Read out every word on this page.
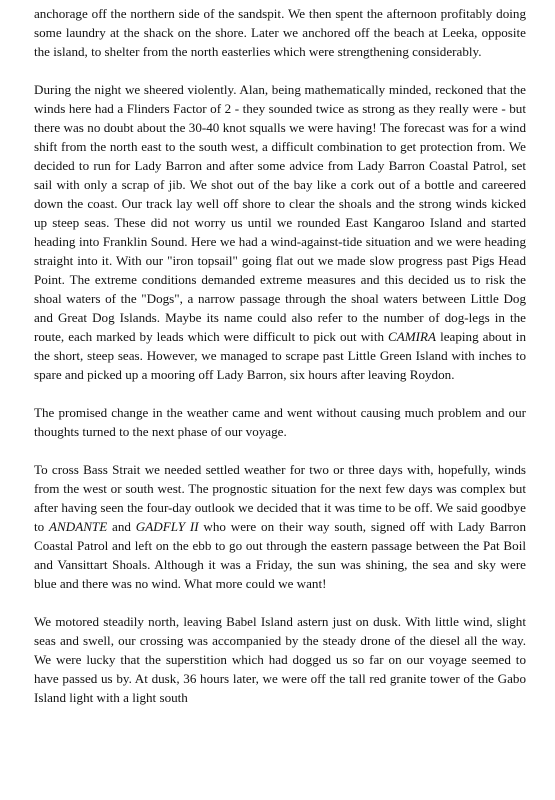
anchorage off the northern side of the sandspit. We then spent the afternoon profitably doing some laundry at the shack on the shore. Later we anchored off the beach at Leeka, opposite the island, to shelter from the north easterlies which were strengthening considerably.

During the night we sheered violently. Alan, being mathematically minded, reckoned that the winds here had a Flinders Factor of 2 - they sounded twice as strong as they really were - but there was no doubt about the 30-40 knot squalls we were having! The forecast was for a wind shift from the north east to the south west, a difficult combination to get protection from. We decided to run for Lady Barron and after some advice from Lady Barron Coastal Patrol, set sail with only a scrap of jib. We shot out of the bay like a cork out of a bottle and careered down the coast. Our track lay well off shore to clear the shoals and the strong winds kicked up steep seas. These did not worry us until we rounded East Kangaroo Island and started heading into Franklin Sound. Here we had a wind-against-tide situation and we were heading straight into it. With our "iron topsail" going flat out we made slow progress past Pigs Head Point. The extreme conditions demanded extreme measures and this decided us to risk the shoal waters of the "Dogs", a narrow passage through the shoal waters between Little Dog and Great Dog Islands. Maybe its name could also refer to the number of dog-legs in the route, each marked by leads which were difficult to pick out with CAMIRA leaping about in the short, steep seas. However, we managed to scrape past Little Green Island with inches to spare and picked up a mooring off Lady Barron, six hours after leaving Roydon.

The promised change in the weather came and went without causing much problem and our thoughts turned to the next phase of our voyage.

To cross Bass Strait we needed settled weather for two or three days with, hopefully, winds from the west or south west. The prognostic situation for the next few days was complex but after having seen the four-day outlook we decided that it was time to be off. We said goodbye to ANDANTE and GADFLY II who were on their way south, signed off with Lady Barron Coastal Patrol and left on the ebb to go out through the eastern passage between the Pat Boil and Vansittart Shoals. Although it was a Friday, the sun was shining, the sea and sky were blue and there was no wind. What more could we want!

We motored steadily north, leaving Babel Island astern just on dusk. With little wind, slight seas and swell, our crossing was accompanied by the steady drone of the diesel all the way. We were lucky that the superstition which had dogged us so far on our voyage seemed to have passed us by. At dusk, 36 hours later, we were off the tall red granite tower of the Gabo Island light with a light south
